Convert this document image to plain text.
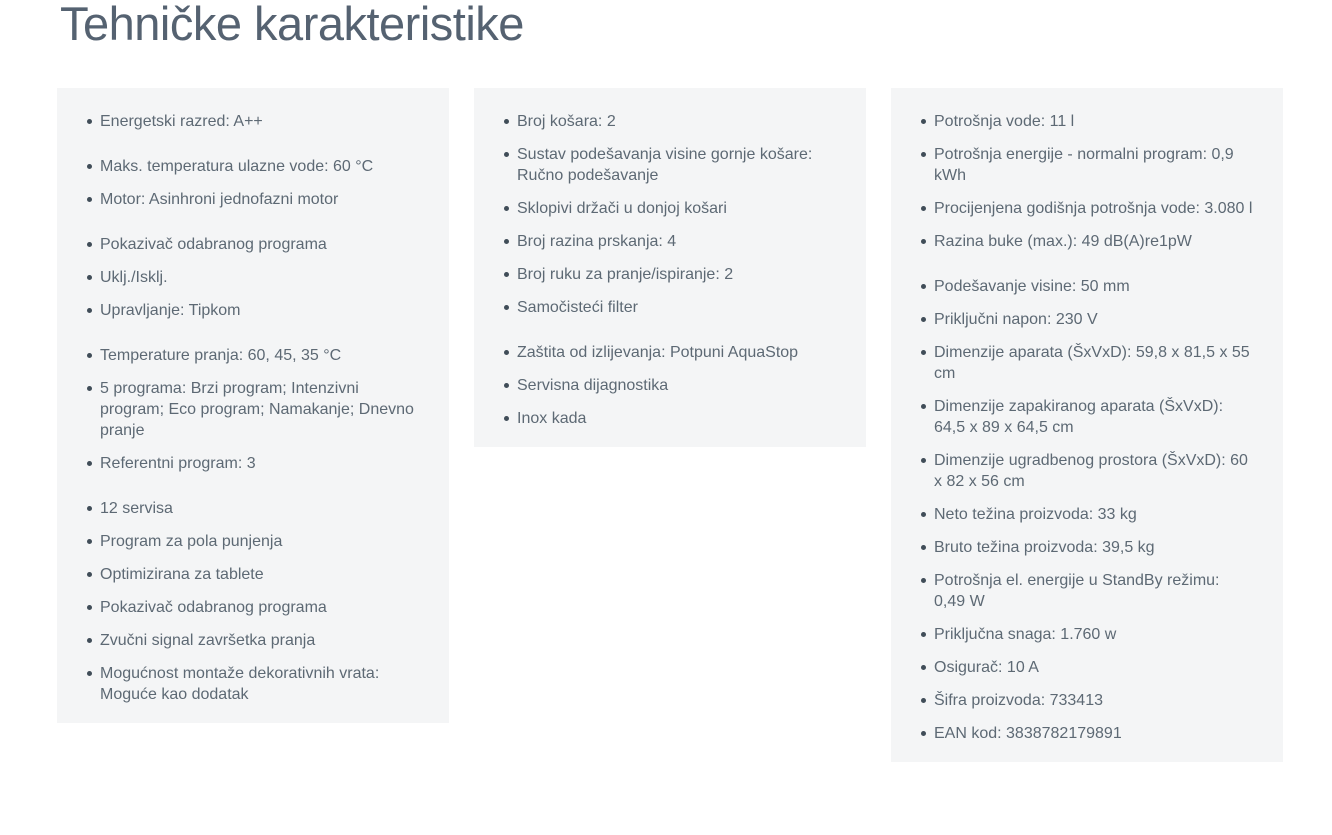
Tehničke karakteristike
Energetski razred: A++
Maks. temperatura ulazne vode: 60 °C
Motor: Asinhroni jednofazni motor
Pokazivač odabranog programa
Uklj./Isklj.
Upravljanje: Tipkom
Temperature pranja: 60, 45, 35 °C
5 programa: Brzi program; Intenzivni program; Eco program; Namakanje; Dnevno pranje
Referentni program: 3
12 servisa
Program za pola punjenja
Optimizirana za tablete
Pokazivač odabranog programa
Zvučni signal završetka pranja
Mogućnost montaže dekorativnih vrata: Moguće kao dodatak
Broj košara: 2
Sustav podešavanja visine gornje košare: Ručno podešavanje
Sklopivi držači u donjoj košari
Broj razina prskanja: 4
Broj ruku za pranje/ispiranje: 2
Samočisteći filter
Zaštita od izlijevanja: Potpuni AquaStop
Servisna dijagnostika
Inox kada
Potrošnja vode: 11 l
Potrošnja energije - normalni program: 0,9 kWh
Procijenjena godišnja potrošnja vode: 3.080 l
Razina buke (max.): 49 dB(A)re1pW
Podešavanje visine: 50 mm
Priključni napon: 230 V
Dimenzije aparata (ŠxVxD): 59,8 x 81,5 x 55 cm
Dimenzije zapakiranog aparata (ŠxVxD): 64,5 x 89 x 64,5 cm
Dimenzije ugradbenog prostora (ŠxVxD): 60 x 82 x 56 cm
Neto težina proizvoda: 33 kg
Bruto težina proizvoda: 39,5 kg
Potrošnja el. energije u StandBy režimu: 0,49 W
Priključna snaga: 1.760 w
Osigurač: 10 A
Šifra proizvoda: 733413
EAN kod: 3838782179891
